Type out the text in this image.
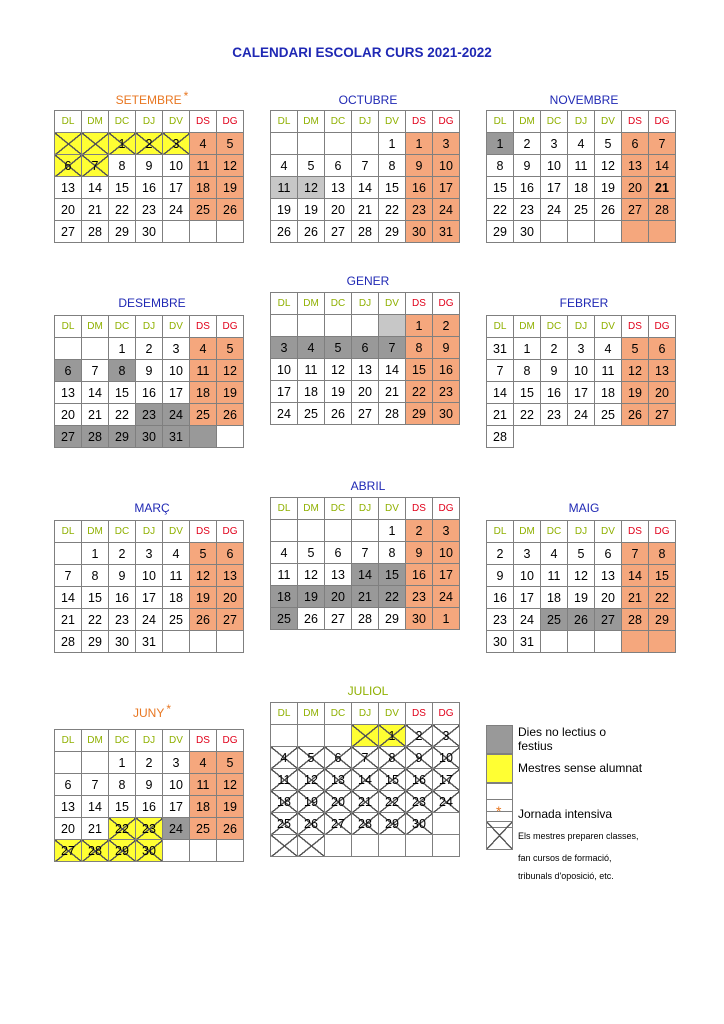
CALENDARI ESCOLAR CURS 2021-2022
SETEMBRE *	OCTUBRE	NOVEMBRE
DESEMBRE
GENER
FEBRER
MARÇ
ABRIL
MAIG
JUNY *
JULIOL
DL	DM	DC	DJ	DV	DS	DG
		1	2	3	4	5
6	7	8	9	10	11	12
13	14	15	16	17	18	19
20	21	22	23	24	25	26
27	28	29	30			
DL	DM	DC	DJ	DV	DS	DG
				1	1	3
4	5	6	7	8	9	10
11	12	13	14	15	16	17
19	19	20	21	22	23	24
26	26	27	28	29	30	31
DL	DM	DC	DJ	DV	DS	DG
1	2	3	4	5	6	7
8	9	10	11	12	13	14
15	16	17	18	19	20	21
22	23	24	25	26	27	28
29	30					
DL	DM	DC	DJ	DV	DS	DG
		1	2	3	4	5
6	7	8	9	10	11	12
13	14	15	16	17	18	19
20	21	22	23	24	25	26
27	28	29	30	31		
DL	DM	DC	DJ	DV	DS	DG
					1	2
3	4	5	6	7	8	9
10	11	12	13	14	15	16
17	18	19	20	21	22	23
24	25	26	27	28	29	30
DL	DM	DC	DJ	DV	DS	DG
31	1	2	3	4	5	6
7	8	9	10	11	12	13
14	15	16	17	18	19	20
21	22	23	24	25	26	27
28						
DL	DM	DC	DJ	DV	DS	DG
	1	2	3	4	5	6
7	8	9	10	11	12	13
14	15	16	17	18	19	20
21	22	23	24	25	26	27
28	29	30	31			
DL	DM	DC	DJ	DV	DS	DG
				1	2	3
4	5	6	7	8	9	10
11	12	13	14	15	16	17
18	19	20	21	22	23	24
25	26	27	28	29	30	1
DL	DM	DC	DJ	DV	DS	DG
2	3	4	5	6	7	8
9	10	11	12	13	14	15
16	17	18	19	20	21	22
23	24	25	26	27	28	29
30	31					
DL	DM	DC	DJ	DV	DS	DG
		1	2	3	4	5
6	7	8	9	10	11	12
13	14	15	16	17	18	19
20	21	22	23	24	25	26
27	28	29	30			
DL	DM	DC	DJ	DV	DS	DG
				1	2	3
4	5	6	7	8	9	10
11	12	13	14	15	16	17
18	19	20	21	22	23	24
25	26	27	28	29	30	

Dies no lectius o
festius
Mestres sense alumnat
* Jornada intensiva
Els mestres preparen classes,
fan cursos de formació,
tribunals d'oposició, etc.
